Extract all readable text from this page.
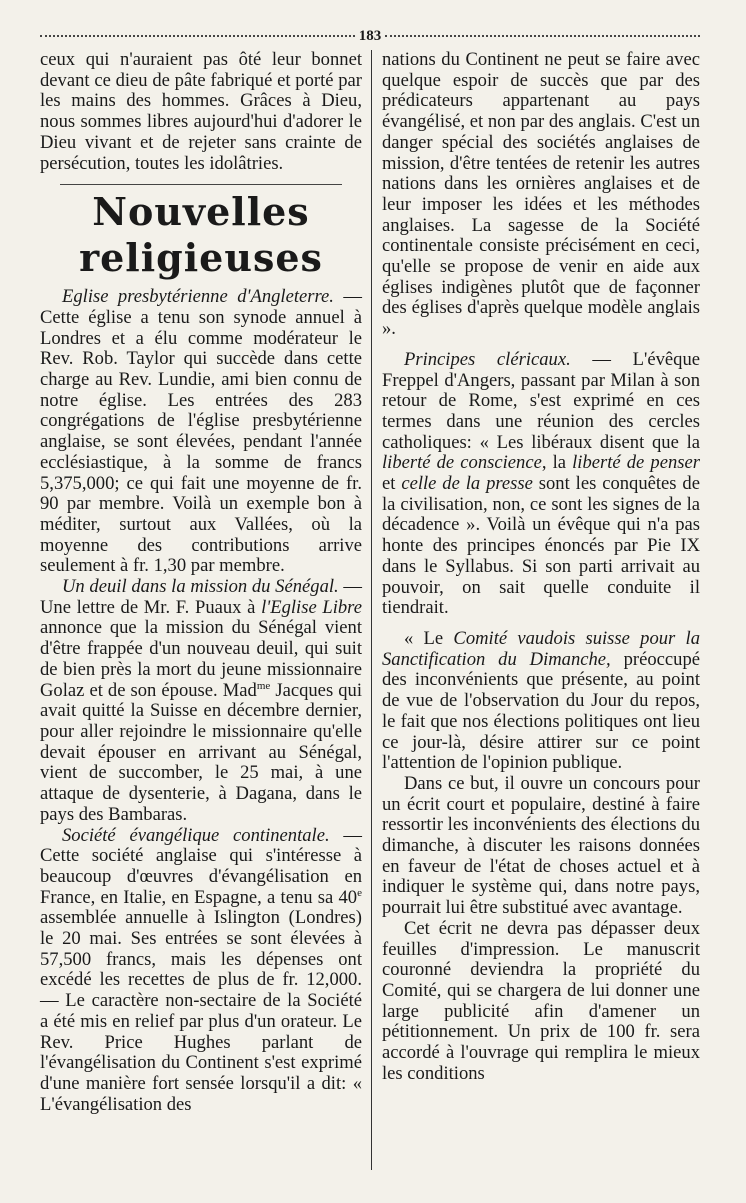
183

ceux qui n'auraient pas ôté leur bonnet devant ce dieu de pâte fabriqué et porté par les mains des hommes. Grâces à Dieu, nous sommes libres aujourd'hui d'adorer le Dieu vivant et de rejeter sans crainte de persécution, toutes les idolâtries.

Nouvelles religieuses

Eglise presbytérienne d'Angleterre. — Cette église a tenu son synode annuel à Londres et a élu comme modérateur le Rev. Rob. Taylor qui succède dans cette charge au Rev. Lundie, ami bien connu de notre église. Les entrées des 283 congrégations de l'église presbytérienne anglaise, se sont élevées, pendant l'année ecclésiastique, à la somme de francs 5,375,000; ce qui fait une moyenne de fr. 90 par membre. Voilà un exemple bon à méditer, surtout aux Vallées, où la moyenne des contributions arrive seulement à fr. 1,30 par membre.

Un deuil dans la mission du Sénégal. — Une lettre de Mr. F. Puaux à l'Eglise Libre annonce que la mission du Sénégal vient d'être frappée d'un nouveau deuil, qui suit de bien près la mort du jeune missionnaire Golaz et de son épouse. Mad$^{me}$ Jacques qui avait quitté la Suisse en décembre dernier, pour aller rejoindre le missionnaire qu'elle devait épouser en arrivant au Sénégal, vient de succomber, le 25 mai, à une attaque de dysenterie, à Dagana, dans le pays des Bambaras.

Société évangélique continentale. — Cette société anglaise qui s'intéresse à beaucoup d'œuvres d'évangélisation en France, en Italie, en Espagne, a tenu sa 40e assemblée annuelle à Islington (Londres) le 20 mai. Ses entrées se sont élevées à 57,500 francs, mais les dépenses ont excédé les recettes de plus de fr. 12,000. — Le caractère non-sectaire de la Société a été mis en relief par plus d'un orateur. Le Rev. Price Hughes parlant de l'évangélisation du Continent s'est exprimé d'une manière fort sensée lorsqu'il a dit: « L'évangélisation des

nations du Continent ne peut se faire avec quelque espoir de succès que par des prédicateurs appartenant au pays évangélisé, et non par des anglais. C'est un danger spécial des sociétés anglaises de mission, d'être tentées de retenir les autres nations dans les ornières anglaises et de leur imposer les idées et les méthodes anglaises. La sagesse de la Société continentale consiste précisément en ceci, qu'elle se propose de venir en aide aux églises indigènes plutôt que de façonner des églises d'après quelque modèle anglais ».

Principes cléricaux. — L'évêque Freppel d'Angers, passant par Milan à son retour de Rome, s'est exprimé en ces termes dans une réunion des cercles catholiques: « Les libéraux disent que la liberté de conscience, la liberté de penser et celle de la presse sont les conquêtes de la civilisation, non, ce sont les signes de la décadence ». Voilà un évêque qui n'a pas honte des principes énoncés par Pie IX dans le Syllabus. Si son parti arrivait au pouvoir, on sait quelle conduite il tiendrait.

« Le Comité vaudois suisse pour la Sanctification du Dimanche, préoccupé des inconvénients que présente, au point de vue de l'observation du Jour du repos, le fait que nos élections politiques ont lieu ce jour-là, désire attirer sur ce point l'attention de l'opinion publique.

Dans ce but, il ouvre un concours pour un écrit court et populaire, destiné à faire ressortir les inconvénients des élections du dimanche, à discuter les raisons données en faveur de l'état de choses actuel et à indiquer le système qui, dans notre pays, pourrait lui être substitué avec avantage.

Cet écrit ne devra pas dépasser deux feuilles d'impression. Le manuscrit couronné deviendra la propriété du Comité, qui se chargera de lui donner une large publicité afin d'amener un pétitionnement. Un prix de 100 fr. sera accordé à l'ouvrage qui remplira le mieux les conditions
